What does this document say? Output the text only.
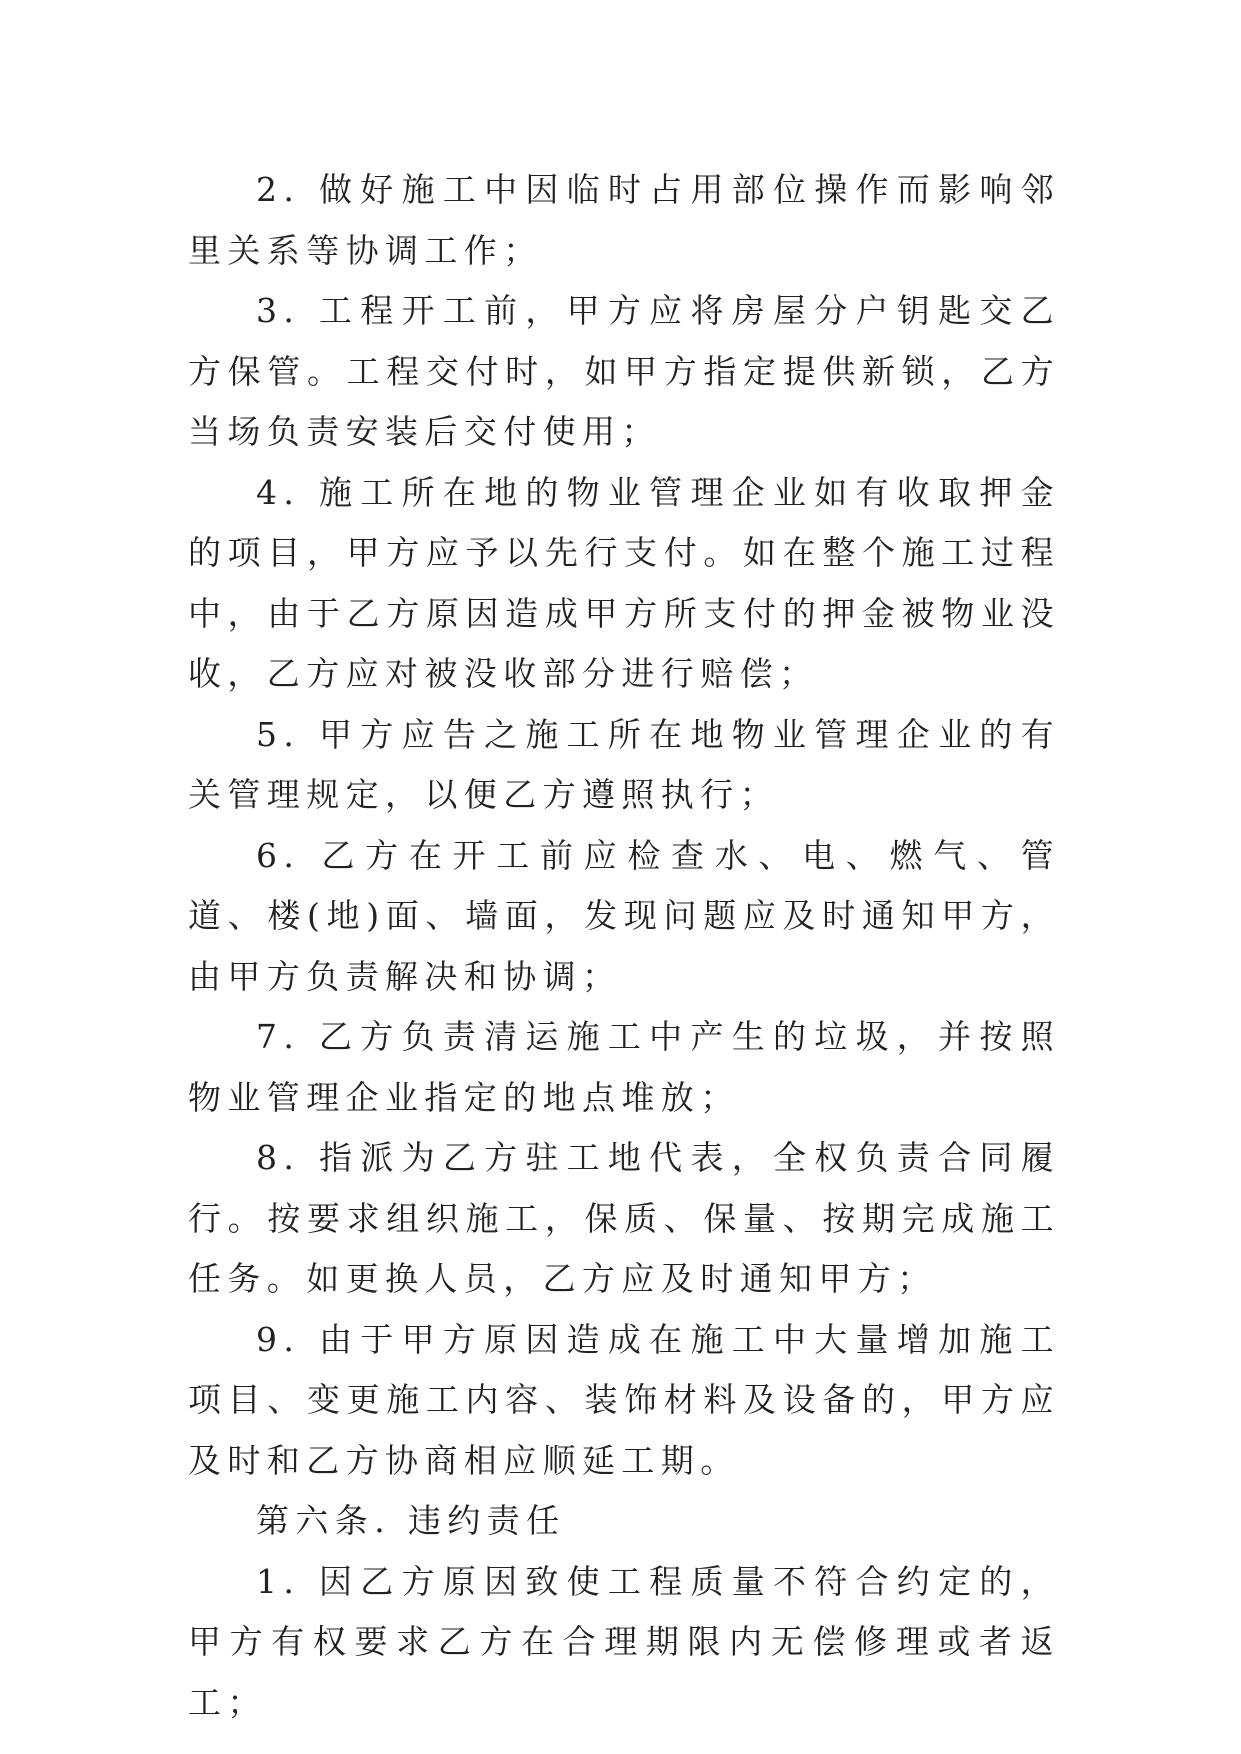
2. 做好施工中因临时占用部位操作而影响邻里关系等协调工作；

3. 工程开工前，甲方应将房屋分户钥匙交乙方保管。工程交付时，如甲方指定提供新锁，乙方当场负责安装后交付使用；

4. 施工所在地的物业管理企业如有收取押金的项目，甲方应予以先行支付。如在整个施工过程中，由于乙方原因造成甲方所支付的押金被物业没收，乙方应对被没收部分进行赔偿；

5. 甲方应告之施工所在地物业管理企业的有关管理规定，以便乙方遵照执行；

6. 乙方在开工前应检查水、电、燃气、管道、楼(地)面、墙面，发现问题应及时通知甲方，由甲方负责解决和协调；

7. 乙方负责清运施工中产生的垃圾，并按照物业管理企业指定的地点堆放；

8. 指派为乙方驻工地代表，全权负责合同履行。按要求组织施工，保质、保量、按期完成施工任务。如更换人员，乙方应及时通知甲方；

9. 由于甲方原因造成在施工中大量增加施工项目、变更施工内容、装饰材料及设备的，甲方应及时和乙方协商相应顺延工期。

第六条. 违约责任

1. 因乙方原因致使工程质量不符合约定的，甲方有权要求乙方在合理期限内无偿修理或者返工；
